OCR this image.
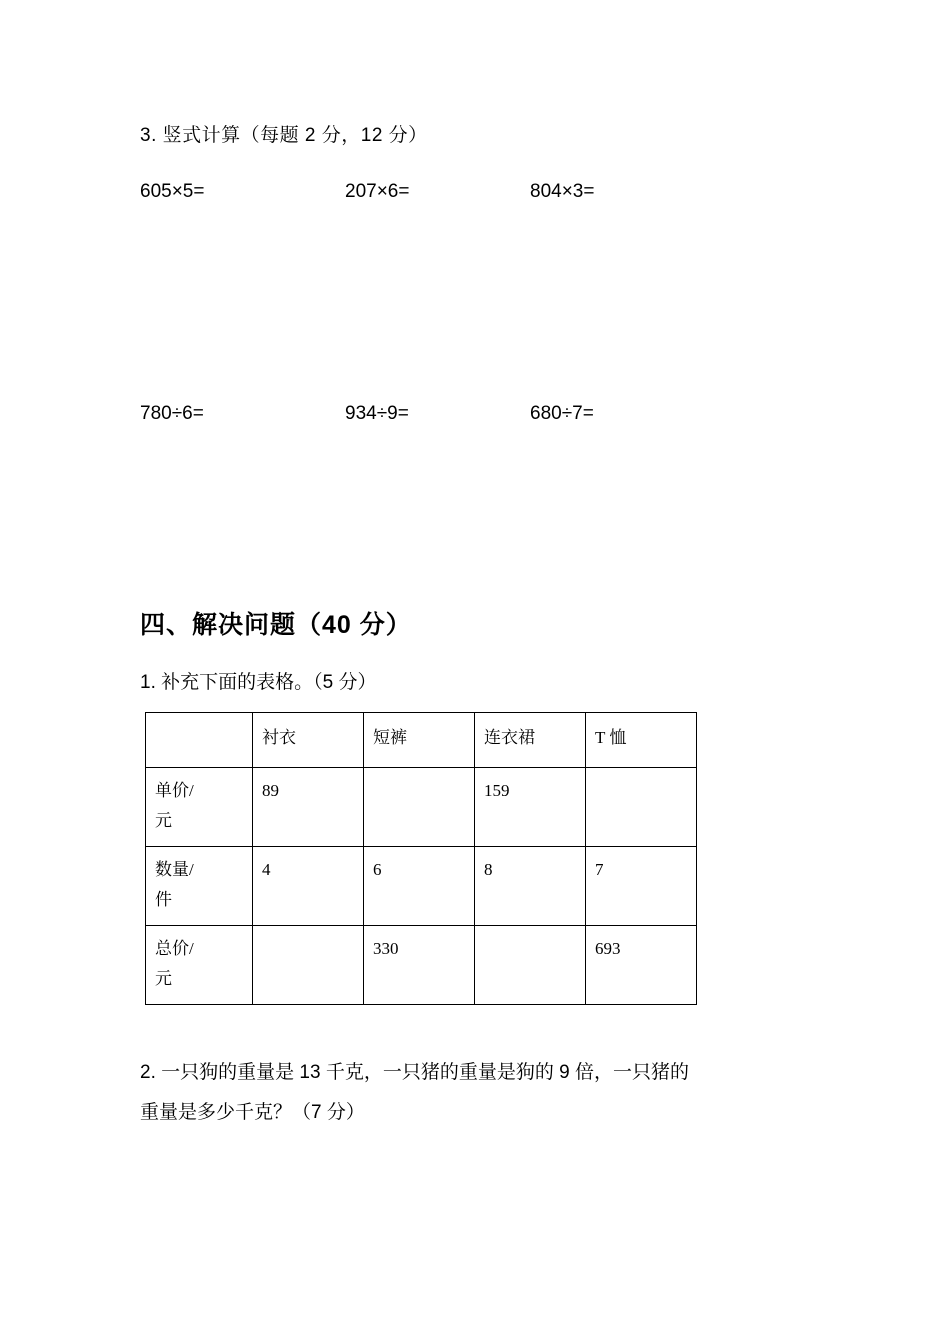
3. 竖式计算（每题 2 分，12 分）
605×5=	207×6=	804×3=
780÷6=	934÷9=	680÷7=
四、解决问题（40 分）
1. 补充下面的表格。（5 分）
	衬衣	短裤	连衣裙	T 恤

单价/
元	89		159	

数量/
件	4	6	8	7

总价/
元		330		693
2. 一只狗的重量是 13 千克，一只猪的重量是狗的 9 倍，一只猪的
重量是多少千克？（7 分）
